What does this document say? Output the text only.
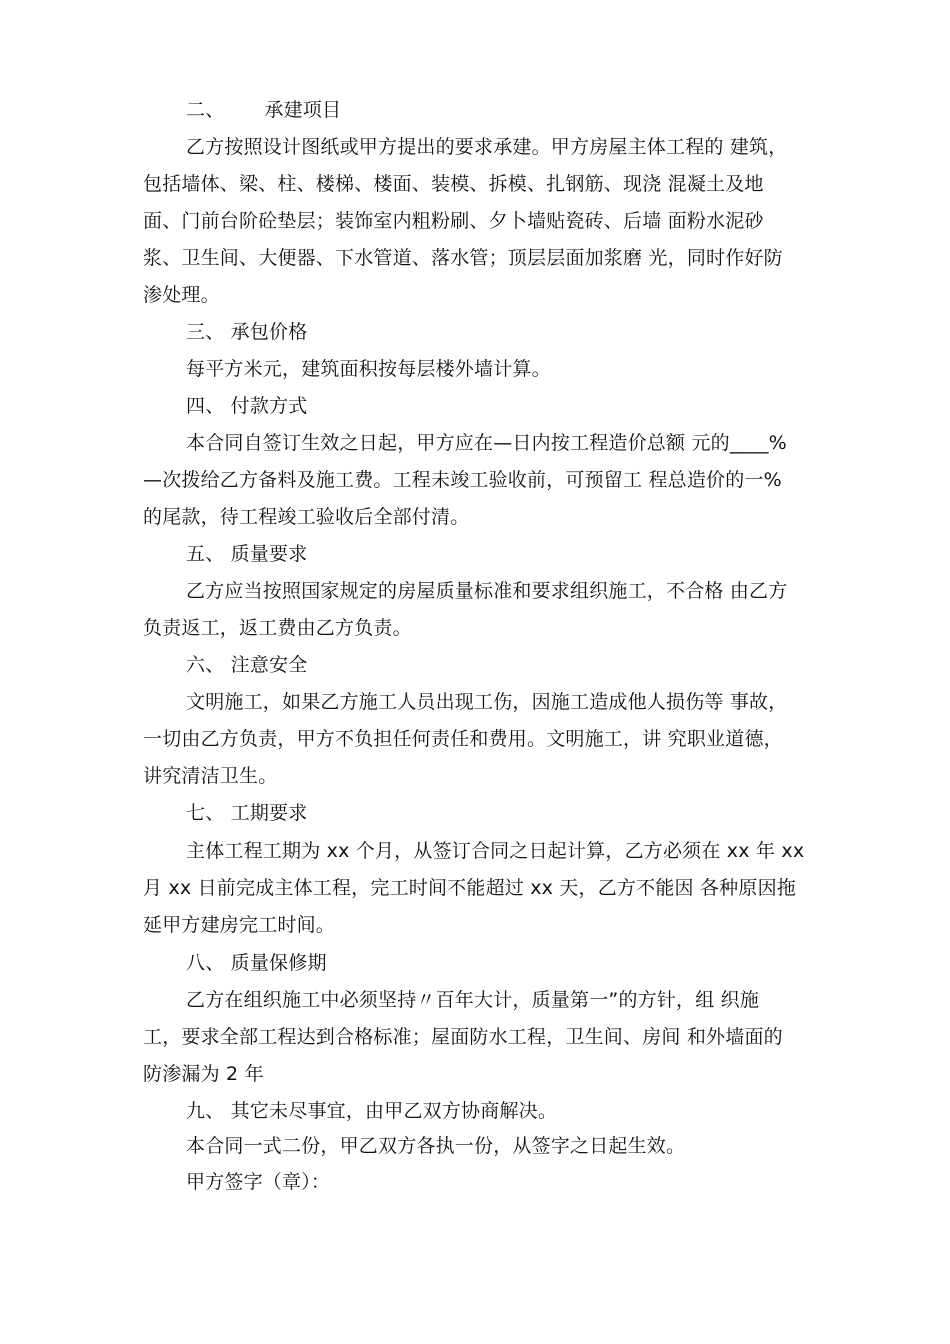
二、 承建项目
乙方按照设计图纸或甲方提出的要求承建。甲方房屋主体工程的 建筑，
包括墙体、梁、柱、楼梯、楼面、装模、拆模、扎钢筋、现浇 混凝土及地
面、门前台阶砼垫层；装饰室内粗粉刷、夕卜墙贴瓷砖、后墙 面粉水泥砂
浆、卫生间、大便器、下水管道、落水管；顶层层面加浆磨 光，同时作好防
渗处理。
三、 承包价格
每平方米元，建筑面积按每层楼外墙计算。
四、 付款方式
本合同自签订生效之日起，甲方应在—日内按工程造价总额 元的____%
—次拨给乙方备料及施工费。工程未竣工验收前，可预留工 程总造价的一%
的尾款，待工程竣工验收后全部付清。
五、 质量要求
乙方应当按照国家规定的房屋质量标准和要求组织施工，不合格 由乙方
负责返工，返工费由乙方负责。
六、 注意安全
文明施工，如果乙方施工人员出现工伤，因施工造成他人损伤等 事故，
一切由乙方负责，甲方不负担任何责任和费用。文明施工，讲 究职业道德，
讲究清洁卫生。
七、 工期要求
主体工程工期为 xx 个月，从签订合同之日起计算，乙方必须在 xx 年 xx
月 xx 日前完成主体工程，完工时间不能超过 xx 天，乙方不能因 各种原因拖
延甲方建房完工时间。
八、 质量保修期
乙方在组织施工中必须坚持〃百年大计，质量第一”的方针，组 织施
工，要求全部工程达到合格标准；屋面防水工程，卫生间、房间 和外墙面的
防渗漏为 2 年
九、 其它未尽事宜，由甲乙双方协商解决。
本合同一式二份，甲乙双方各执一份，从签字之日起生效。
甲方签字（章）：
